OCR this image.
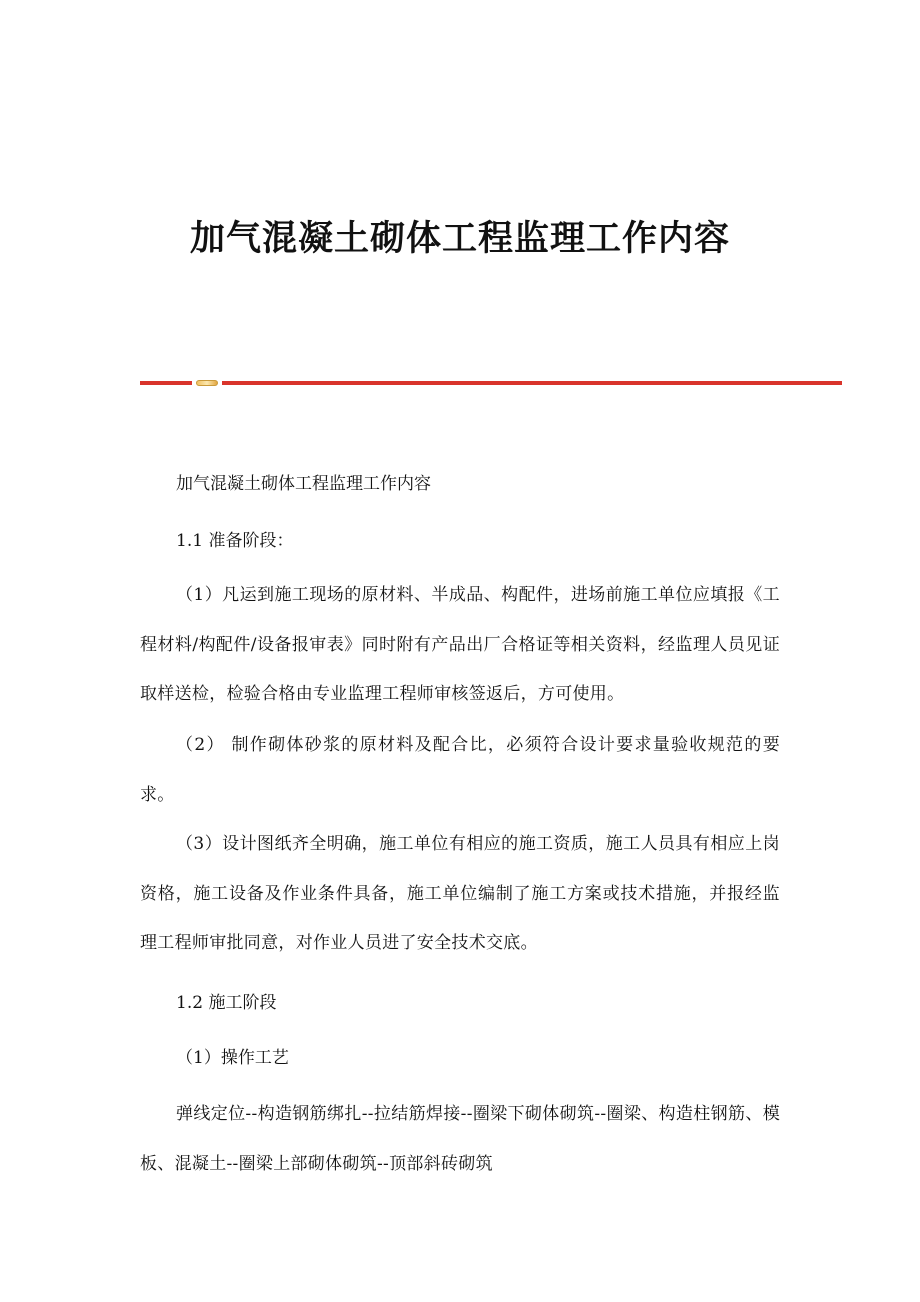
加气混凝土砌体工程监理工作内容
加气混凝土砌体工程监理工作内容
1.1 准备阶段：

（1）凡运到施工现场的原材料、半成品、构配件，进场前施工单位应填报《工程材料/构配件/设备报审表》同时附有产品出厂合格证等相关资料，经监理人员见证取样送检，检验合格由专业监理工程师审核签返后，方可使用。

（2） 制作砌体砂浆的原材料及配合比，必须符合设计要求量验收规范的要求。

（3）设计图纸齐全明确，施工单位有相应的施工资质，施工人员具有相应上岗资格，施工设备及作业条件具备，施工单位编制了施工方案或技术措施，并报经监理工程师审批同意，对作业人员进了安全技术交底。

1.2 施工阶段
（1）操作工艺

弹线定位--构造钢筋绑扎--拉结筋焊接--圈梁下砌体砌筑--圈梁、构造柱钢筋、模板、混凝土--圈梁上部砌体砌筑--顶部斜砖砌筑
